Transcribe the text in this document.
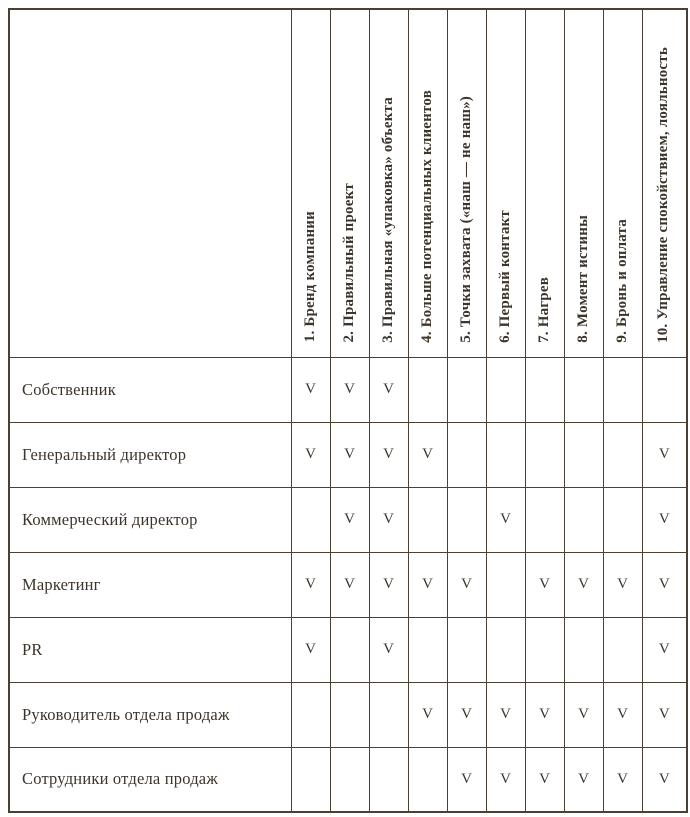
	1. Бренд компании	2. Правильный проект	3. Правильная «упаковка» объекта	4. Больше потенциальных клиентов	5. Точки захвата («наш — не наш»)	6. Первый контакт	7. Нагрев	8. Момент истины	9. Бронь и оплата	10. Управление спокойствием, лояльность
Собственник	V	V	V							
Генеральный директор	V	V	V	V						V
Коммерческий директор		V	V			V				V
Маркетинг	V	V	V	V	V		V	V	V	V
PR	V		V							V
Руководитель отдела продаж				V	V	V	V	V	V	V
Сотрудники отдела продаж					V	V	V	V	V	V
